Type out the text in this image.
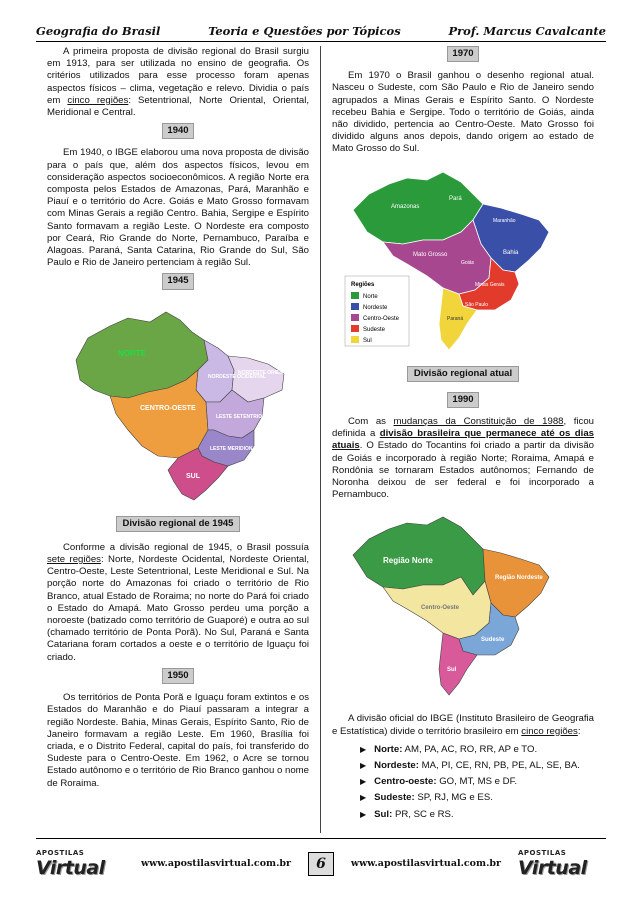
Geografia do Brasil	Teoria e Questões por Tópicos	Prof. Marcus Cavalcante

A primeira proposta de divisão regional do Brasil surgiu em 1913, para ser utilizada no ensino de geografia. Os critérios utilizados para esse processo foram apenas aspectos físicos – clima, vegetação e relevo. Dividia o país em cinco regiões: Setentrional, Norte Oriental, Oriental, Meridional e Central.

1940

Em 1940, o IBGE elaborou uma nova proposta de divisão para o país que, além dos aspectos físicos, levou em consideração aspectos socioeconômicos. A região Norte era composta pelos Estados de Amazonas, Pará, Maranhão e Piauí e o território do Acre. Goiás e Mato Grosso formavam com Minas Gerais a região Centro. Bahia, Sergipe e Espírito Santo formavam a região Leste. O Nordeste era composto por Ceará, Rio Grande do Norte, Pernambuco, Paraíba e Alagoas. Paraná, Santa Catarina, Rio Grande do Sul, São Paulo e Rio de Janeiro pertenciam à região Sul.

1945
NORTE
NORDESTE OCIDENTAL
NORDESTE ORIENTAL
CENTRO-OESTE
LESTE SETENTRIONAL
LESTE MERIDIONAL
SUL
Divisão regional de 1945

Conforme a divisão regional de 1945, o Brasil possuía sete regiões: Norte, Nordeste Ocidental, Nordeste Oriental, Centro-Oeste, Leste Setentrional, Leste Meridional e Sul. Na porção norte do Amazonas foi criado o território de Rio Branco, atual Estado de Roraima; no norte do Pará foi criado o Estado do Amapá. Mato Grosso perdeu uma porção a noroeste (batizado como território de Guaporé) e outra ao sul (chamado território de Ponta Porã). No Sul, Paraná e Santa Catariana foram cortados a oeste e o território de Iguaçu foi criado.

1950

Os territórios de Ponta Porã e Iguaçu foram extintos e os Estados do Maranhão e do Piauí passaram a integrar a região Nordeste. Bahia, Minas Gerais, Espírito Santo, Rio de Janeiro formavam a região Leste. Em 1960, Brasília foi criada, e o Distrito Federal, capital do país, foi transferido do Sudeste para o Centro-Oeste. Em 1962, o Acre se tornou Estado autônomo e o território de Rio Branco ganhou o nome de Roraima.

1970

Em 1970 o Brasil ganhou o desenho regional atual. Nasceu o Sudeste, com São Paulo e Rio de Janeiro sendo agrupados a Minas Gerais e Espírito Santo. O Nordeste recebeu Bahia e Sergipe. Todo o território de Goiás, ainda não dividido, pertencia ao Centro-Oeste. Mato Grosso foi dividido alguns anos depois, dando origem ao estado de Mato Grosso do Sul.

Amazonas
Pará
Maranhão
Bahia
Mato Grosso
Goiás
Minas Gerais
São Paulo
Paraná
Regiões
Norte
Nordeste
Centro-Oeste
Sudeste
Sul
Divisão regional atual
1990

Com as mudanças da Constituição de 1988, ficou definida a divisão brasileira que permanece até os dias atuais. O Estado do Tocantins foi criado a partir da divisão de Goiás e incorporado à região Norte; Roraima, Amapá e Rondônia se tornaram Estados autônomos; Fernando de Noronha deixou de ser federal e foi incorporado a Pernambuco.

Região Norte
Região Nordeste
Centro-Oeste
Sudeste
Sul

A divisão oficial do IBGE (Instituto Brasileiro de Geografia e Estatística) divide o território brasileiro em cinco regiões:

▶ Norte: AM, PA, AC, RO, RR, AP e TO.
▶ Nordeste: MA, PI, CE, RN, PB, PE, AL, SE, BA.
▶ Centro-oeste: GO, MT, MS e DF.
▶ Sudeste: SP, RJ, MG e ES.
▶ Sul: PR, SC e RS.
APOSTILAS
Virtual	www.apostilasvirtual.com.br	6	www.apostilasvirtual.com.br
APOSTILAS
Virtual
